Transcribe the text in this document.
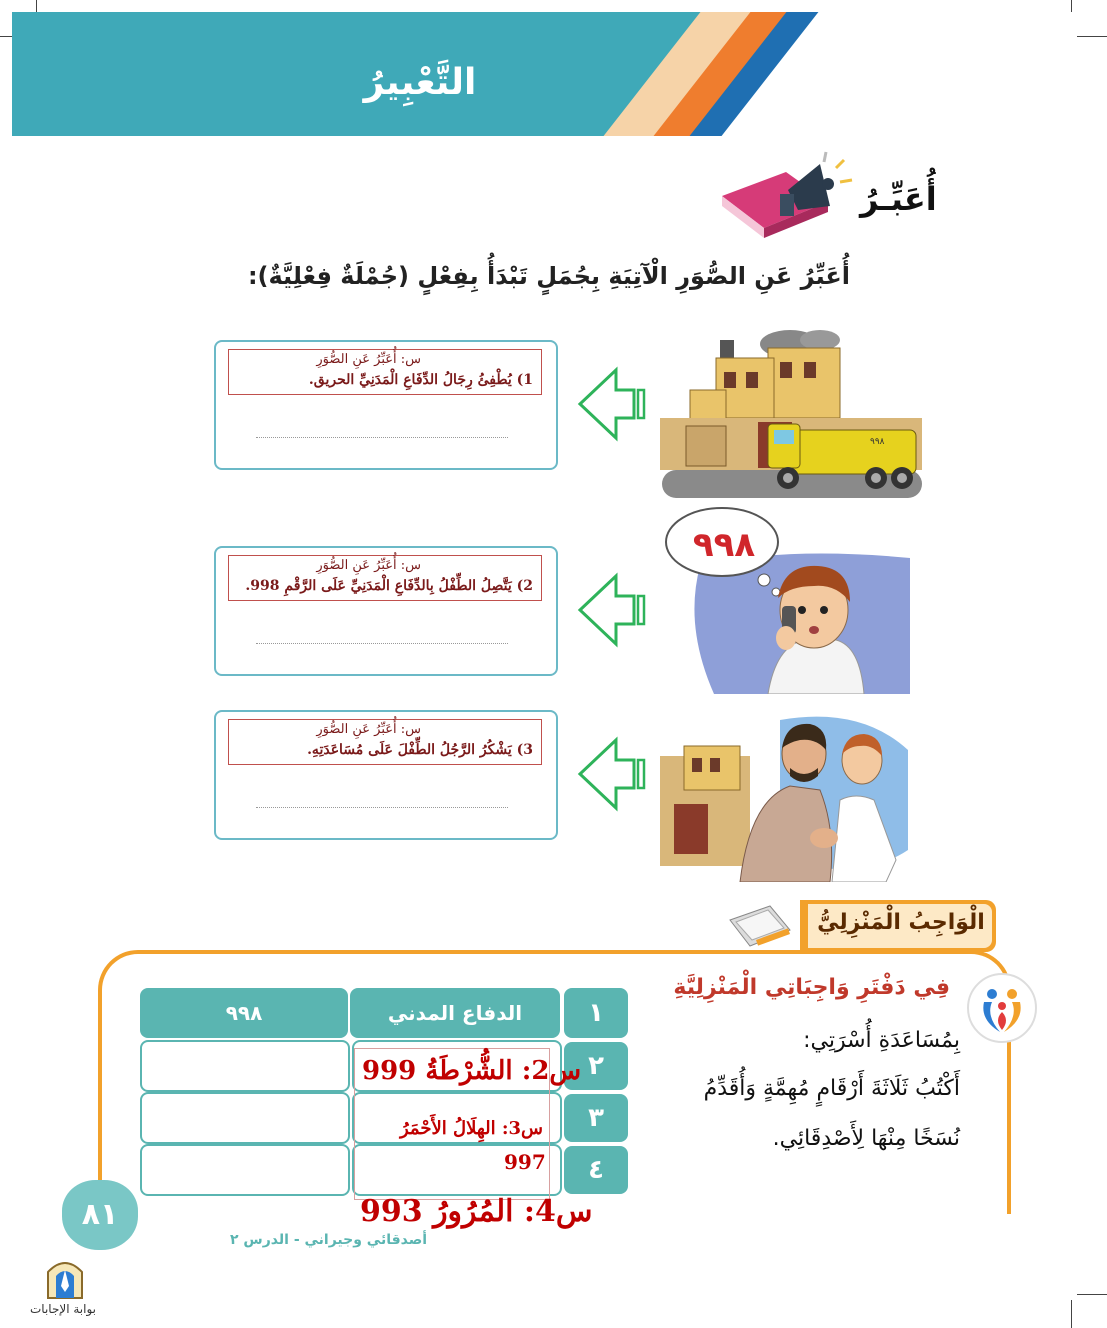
التَّعْبِيرُ
أُعَبِّـرُ
أُعَبِّرُ عَنِ الصُّوَرِ الْآتِيَةِ بِجُمَلٍ تَبْدَأُ بِفِعْلٍ (جُمْلَةٌ فِعْلِيَّةٌ):
س: أُعَبِّرُ عَنِ الصُّوَرِ
1) يُطْفِئُ رِجَالُ الدِّفَاعِ الْمَدَنِيِّ الحريق.
٩٩٨
س: أُعَبِّرُ عَنِ الصُّوَرِ
2) يَتَّصِلُ الطِّفْلُ بِالدِّفَاعِ الْمَدَنِيِّ عَلَى الرَّقْمِ 998.
٩٩٨
س: أُعَبِّرُ عَنِ الصُّوَرِ
3) يَشْكُرُ الرَّجُلُ الطِّفْلَ عَلَى مُسَاعَدَتِهِ.
الْوَاجِبُ الْمَنْزِلِيُّ
فِي دَفْتَرِ وَاجِبَاتِي الْمَنْزِلِيَّةِ
بِمُسَاعَدَةِ أُسْرَتِي:
أَكْتُبُ ثَلَاثَةَ أَرْقَامٍ مُهِمَّةٍ وَأُقَدِّمُ
نُسَخًا مِنْهَا لِأَصْدِقَائِي.
١
الدفاع المدني
٩٩٨
٢
٣
٤
س2: الشُّرْطَةُ 999
س3: الهِلَالُ الأَحْمَرُ
997
س4: المُرُورُ 993
٨١
أصدقائي وجيراني - الدرس ٢
بوابة الإجابات
